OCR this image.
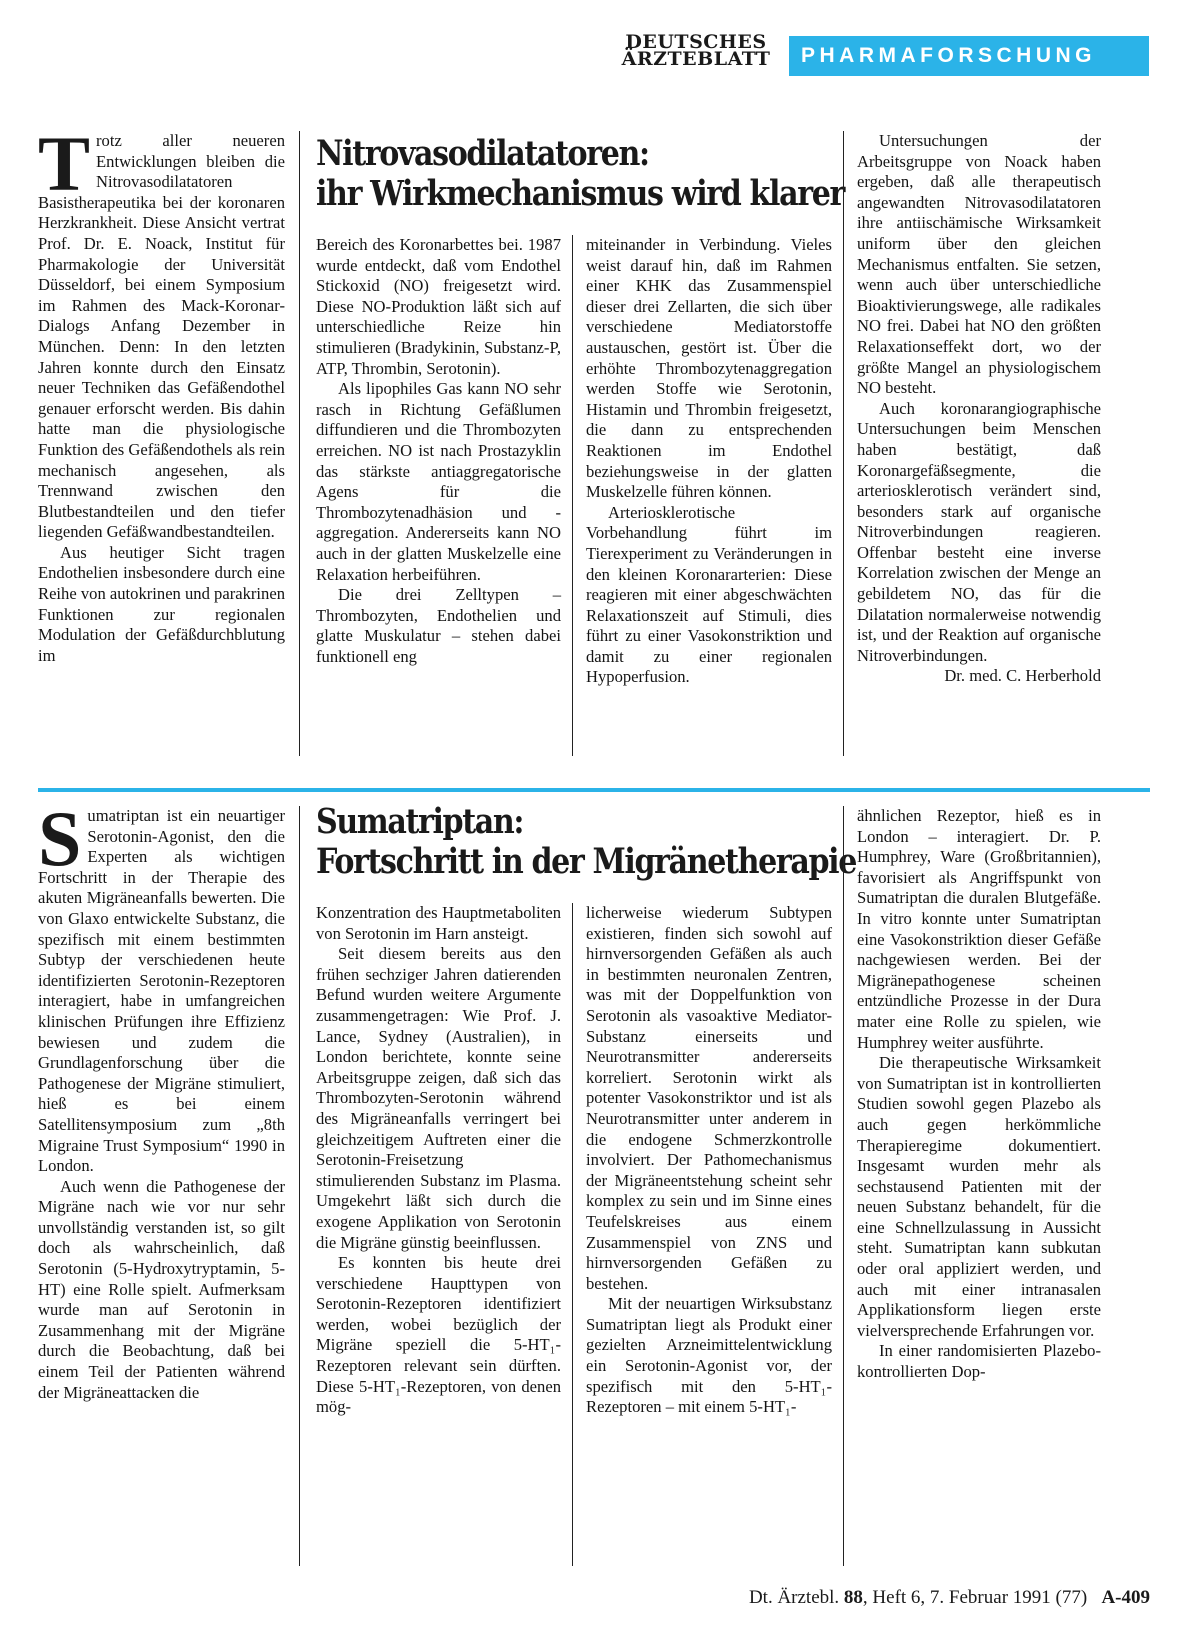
DEUTSCHES
ÄRZTEBLATT	PHARMAFORSCHUNG

Trotz aller neueren Entwicklungen bleiben die Nitrovasodilatatoren Basistherapeutika bei der koronaren Herzkrankheit. Diese Ansicht vertrat Prof. Dr. E. Noack, Institut für Pharmakologie der Universität Düsseldorf, bei einem Symposium im Rahmen des Mack-Koronar-Dialogs Anfang Dezember in München. Denn: In den letzten Jahren konnte durch den Einsatz neuer Techniken das Gefäßendothel genauer erforscht werden. Bis dahin hatte man die physiologische Funktion des Gefäßendothels als rein mechanisch angesehen, als Trennwand zwischen den Blutbestandteilen und den tiefer liegenden Gefäßwandbestandteilen.

Aus heutiger Sicht tragen Endothelien insbesondere durch eine Reihe von autokrinen und parakrinen Funktionen zur regionalen Modulation der Gefäßdurchblutung im

Nitrovasodilatatoren:
ihr Wirkmechanismus wird klarer

Bereich des Koronarbettes bei. 1987 wurde entdeckt, daß vom Endothel Stickoxid (NO) freigesetzt wird. Diese NO-Produktion läßt sich auf unterschiedliche Reize hin stimulieren (Bradykinin, Substanz-P, ATP, Thrombin, Serotonin).

Als lipophiles Gas kann NO sehr rasch in Richtung Gefäßlumen diffundieren und die Thrombozyten erreichen. NO ist nach Prostazyklin das stärkste antiaggregatorische Agens für die Thrombozytenadhäsion und -aggregation. Andererseits kann NO auch in der glatten Muskelzelle eine Relaxation herbeiführen.

Die drei Zelltypen – Thrombozyten, Endothelien und glatte Muskulatur – stehen dabei funktionell eng

miteinander in Verbindung. Vieles weist darauf hin, daß im Rahmen einer KHK das Zusammenspiel dieser drei Zellarten, die sich über verschiedene Mediatorstoffe austauschen, gestört ist. Über die erhöhte Thrombozytenaggregation werden Stoffe wie Serotonin, Histamin und Thrombin freigesetzt, die dann zu entsprechenden Reaktionen im Endothel beziehungsweise in der glatten Muskelzelle führen können.

Arteriosklerotische Vorbehandlung führt im Tierexperiment zu Veränderungen in den kleinen Koronararterien: Diese reagieren mit einer abgeschwächten Relaxationszeit auf Stimuli, dies führt zu einer Vasokonstriktion und damit zu einer regionalen Hypoperfusion.

Untersuchungen der Arbeitsgruppe von Noack haben ergeben, daß alle therapeutisch angewandten Nitrovasodilatatoren ihre antiischämische Wirksamkeit uniform über den gleichen Mechanismus entfalten. Sie setzen, wenn auch über unterschiedliche Bioaktivierungswege, alle radikales NO frei. Dabei hat NO den größten Relaxationseffekt dort, wo der größte Mangel an physiologischem NO besteht.

Auch koronarangiographische Untersuchungen beim Menschen haben bestätigt, daß Koronargefäßsegmente, die arteriosklerotisch verändert sind, besonders stark auf organische Nitroverbindungen reagieren. Offenbar besteht eine inverse Korrelation zwischen der Menge an gebildetem NO, das für die Dilatation normalerweise notwendig ist, und der Reaktion auf organische Nitroverbindungen.

Dr. med. C. Herberhold

Sumatriptan ist ein neuartiger Serotonin-Agonist, den die Experten als wichtigen Fortschritt in der Therapie des akuten Migräneanfalls bewerten. Die von Glaxo entwickelte Substanz, die spezifisch mit einem bestimmten Subtyp der verschiedenen heute identifizierten Serotonin-Rezeptoren interagiert, habe in umfangreichen klinischen Prüfungen ihre Effizienz bewiesen und zudem die Grundlagenforschung über die Pathogenese der Migräne stimuliert, hieß es bei einem Satellitensymposium zum „8th Migraine Trust Symposium“ 1990 in London.

Auch wenn die Pathogenese der Migräne nach wie vor nur sehr unvollständig verstanden ist, so gilt doch als wahrscheinlich, daß Serotonin (5-Hydroxytryptamin, 5-HT) eine Rolle spielt. Aufmerksam wurde man auf Serotonin in Zusammenhang mit der Migräne durch die Beobachtung, daß bei einem Teil der Patienten während der Migräneattacken die

Sumatriptan:
Fortschritt in der Migränetherapie

Konzentration des Hauptmetaboliten von Serotonin im Harn ansteigt.

Seit diesem bereits aus den frühen sechziger Jahren datierenden Befund wurden weitere Argumente zusammengetragen: Wie Prof. J. Lance, Sydney (Australien), in London berichtete, konnte seine Arbeitsgruppe zeigen, daß sich das Thrombozyten-Serotonin während des Migräneanfalls verringert bei gleichzeitigem Auftreten einer die Serotonin-Freisetzung stimulierenden Substanz im Plasma. Umgekehrt läßt sich durch die exogene Applikation von Serotonin die Migräne günstig beeinflussen.

Es konnten bis heute drei verschiedene Haupttypen von Serotonin-Rezeptoren identifiziert werden, wobei bezüglich der Migräne speziell die 5-HT₁-Rezeptoren relevant sein dürften. Diese 5-HT₁-Rezeptoren, von denen mög-

licherweise wiederum Subtypen existieren, finden sich sowohl auf hirnversorgenden Gefäßen als auch in bestimmten neuronalen Zentren, was mit der Doppelfunktion von Serotonin als vasoaktive Mediator-Substanz einerseits und Neurotransmitter andererseits korreliert. Serotonin wirkt als potenter Vasokonstriktor und ist als Neurotransmitter unter anderem in die endogene Schmerzkontrolle involviert. Der Pathomechanismus der Migräneentstehung scheint sehr komplex zu sein und im Sinne eines Teufelskreises aus einem Zusammenspiel von ZNS und hirnversorgenden Gefäßen zu bestehen.

Mit der neuartigen Wirksubstanz Sumatriptan liegt als Produkt einer gezielten Arzneimittelentwicklung ein Serotonin-Agonist vor, der spezifisch mit den 5-HT₁-Rezeptoren – mit einem 5-HT₁-

ähnlichen Rezeptor, hieß es in London – interagiert. Dr. P. Humphrey, Ware (Großbritannien), favorisiert als Angriffspunkt von Sumatriptan die duralen Blutgefäße. In vitro konnte unter Sumatriptan eine Vasokonstriktion dieser Gefäße nachgewiesen werden. Bei der Migränepathogenese scheinen entzündliche Prozesse in der Dura mater eine Rolle zu spielen, wie Humphrey weiter ausführte.

Die therapeutische Wirksamkeit von Sumatriptan ist in kontrollierten Studien sowohl gegen Plazebo als auch gegen herkömmliche Therapieregime dokumentiert. Insgesamt wurden mehr als sechstausend Patienten mit der neuen Substanz behandelt, für die eine Schnellzulassung in Aussicht steht. Sumatriptan kann subkutan oder oral appliziert werden, und auch mit einer intranasalen Applikationsform liegen erste vielversprechende Erfahrungen vor.

In einer randomisierten Plazebo-kontrollierten Dop-

Dt. Ärztebl. 88, Heft 6, 7. Februar 1991 (77) A-409
